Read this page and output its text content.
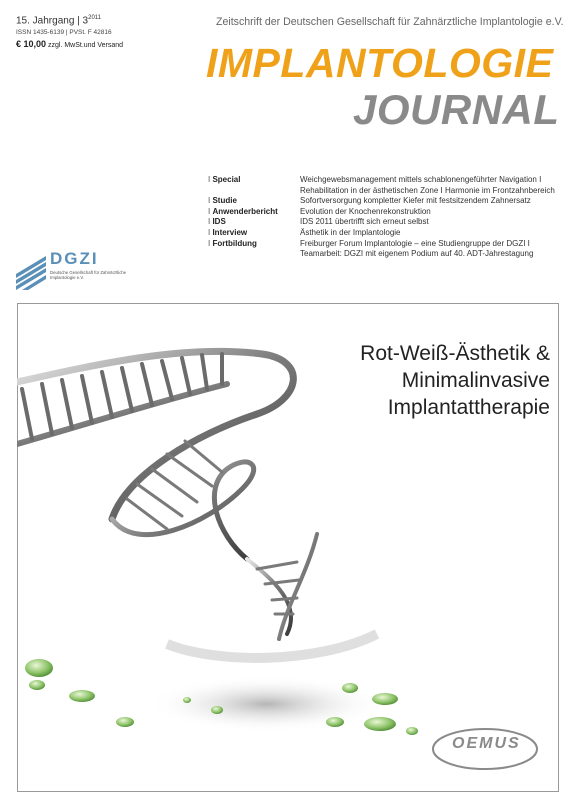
15. Jahrgang | $3^{2011}$
ISSN 1435-6139 | PVSt. F 42816
€ 10,00 zzgl. MwSt.und Versand
Zeitschrift der Deutschen Gesellschaft für Zahnärztliche Implantologie e.V.
IMPLANTOLOGIE
JOURNAL
I Special	Weichgewebsmanagement mittels schablonengeführter Navigation I Rehabilitation in der ästhetischen Zone I Harmonie im Frontzahnbereich
I Studie	Sofortversorgung kompletter Kiefer mit festsitzendem Zahnersatz
I Anwenderbericht	Evolution der Knochenrekonstruktion
I IDS	IDS 2011 übertrifft sich erneut selbst
I Interview	Ästhetik in der Implantologie
I Fortbildung	Freiburger Forum Implantologie – eine Studiengruppe der DGZI I Teamarbeit: DGZI mit eigenem Podium auf 40. ADT-Jahrestagung
DGZI
Deutsche Gesellschaft für Zahnärztliche Implantologie e.V.
Rot-Weiß-Ästhetik &
Minimalinvasive
Implantattherapie
OEMUS
